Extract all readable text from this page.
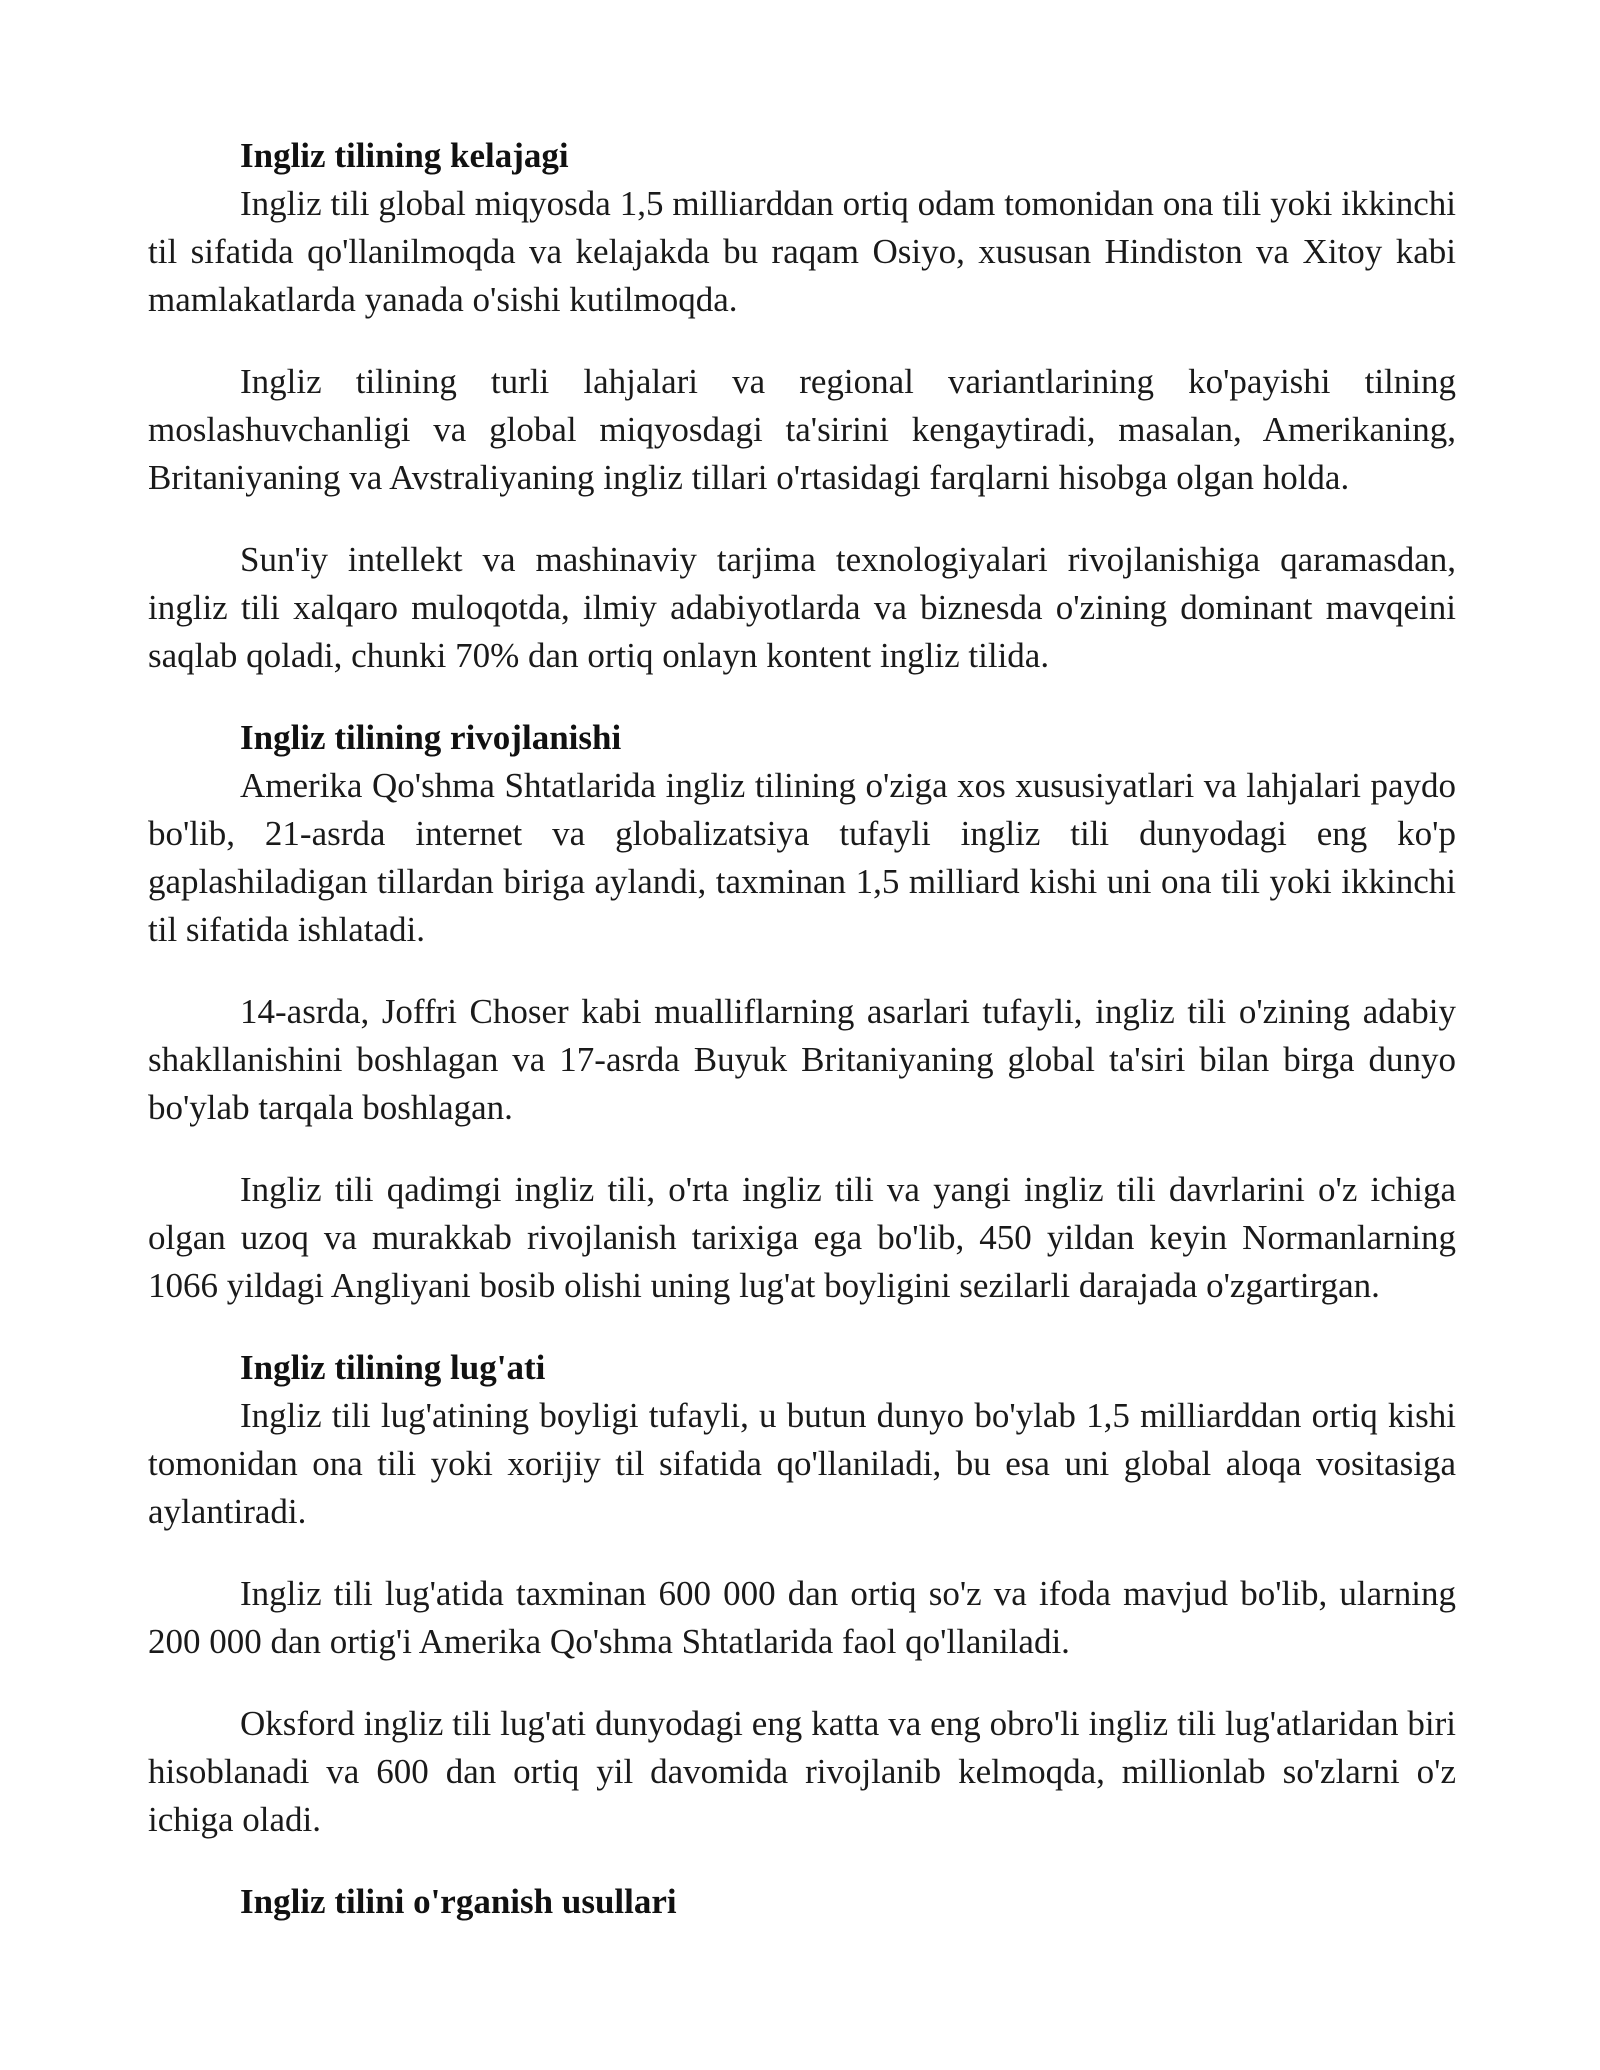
Ingliz tilining kelajagi

Ingliz tili global miqyosda 1,5 milliarddan ortiq odam tomonidan ona tili yoki ikkinchi til sifatida qo'llanilmoqda va kelajakda bu raqam Osiyo, xususan Hindiston va Xitoy kabi mamlakatlarda yanada o'sishi kutilmoqda.

Ingliz tilining turli lahjalari va regional variantlarining ko'payishi tilning moslashuvchanligi va global miqyosdagi ta'sirini kengaytiradi, masalan, Amerikaning, Britaniyaning va Avstraliyaning ingliz tillari o'rtasidagi farqlarni hisobga olgan holda.

Sun'iy intellekt va mashinaviy tarjima texnologiyalari rivojlanishiga qaramasdan, ingliz tili xalqaro muloqotda, ilmiy adabiyotlarda va biznesda o'zining dominant mavqeini saqlab qoladi, chunki 70% dan ortiq onlayn kontent ingliz tilida.

Ingliz tilining rivojlanishi

Amerika Qo'shma Shtatlarida ingliz tilining o'ziga xos xususiyatlari va lahjalari paydo bo'lib, 21-asrda internet va globalizatsiya tufayli ingliz tili dunyodagi eng ko'p gaplashiladigan tillardan biriga aylandi, taxminan 1,5 milliard kishi uni ona tili yoki ikkinchi til sifatida ishlatadi.

14-asrda, Joffri Choser kabi mualliflarning asarlari tufayli, ingliz tili o'zining adabiy shakllanishini boshlagan va 17-asrda Buyuk Britaniyaning global ta'siri bilan birga dunyo bo'ylab tarqala boshlagan.

Ingliz tili qadimgi ingliz tili, o'rta ingliz tili va yangi ingliz tili davrlarini o'z ichiga olgan uzoq va murakkab rivojlanish tarixiga ega bo'lib, 450 yildan keyin Normanlarning 1066 yildagi Angliyani bosib olishi uning lug'at boyligini sezilarli darajada o'zgartirgan.

Ingliz tilining lug'ati

Ingliz tili lug'atining boyligi tufayli, u butun dunyo bo'ylab 1,5 milliarddan ortiq kishi tomonidan ona tili yoki xorijiy til sifatida qo'llaniladi, bu esa uni global aloqa vositasiga aylantiradi.

Ingliz tili lug'atida taxminan 600 000 dan ortiq so'z va ifoda mavjud bo'lib, ularning 200 000 dan ortig'i Amerika Qo'shma Shtatlarida faol qo'llaniladi.

Oksford ingliz tili lug'ati dunyodagi eng katta va eng obro'li ingliz tili lug'atlaridan biri hisoblanadi va 600 dan ortiq yil davomida rivojlanib kelmoqda, millionlab so'zlarni o'z ichiga oladi.

Ingliz tilini o'rganish usullari
